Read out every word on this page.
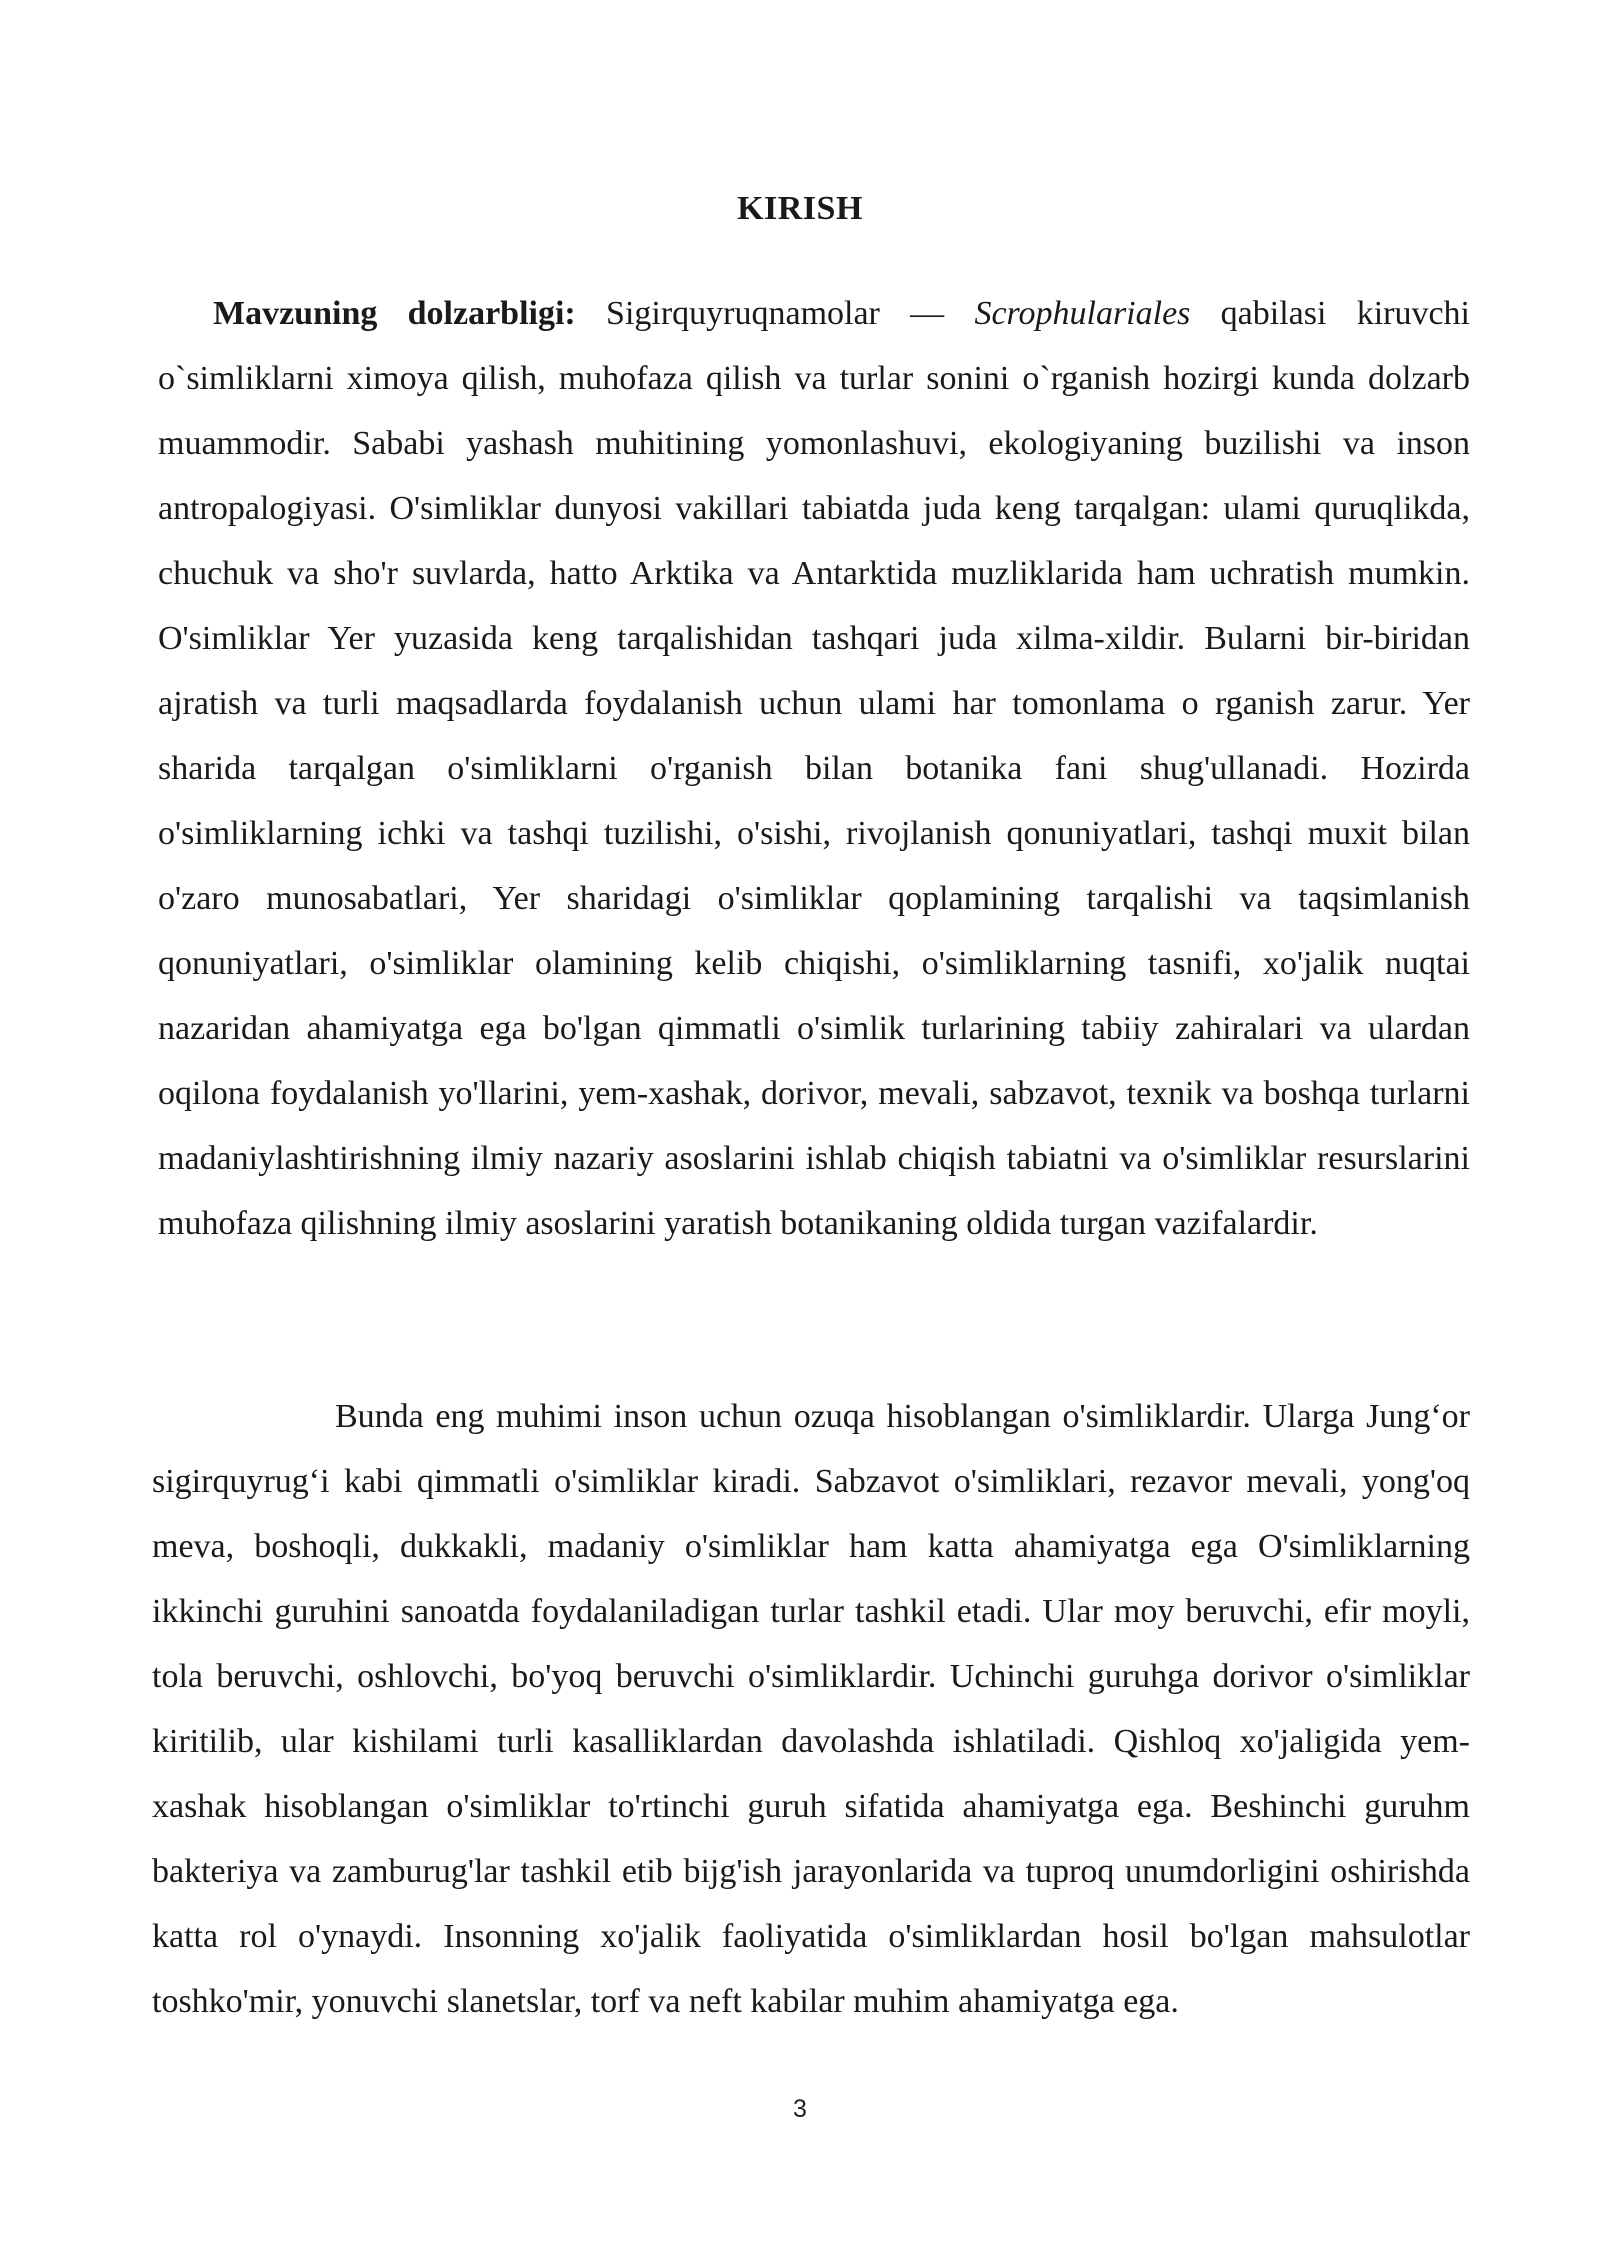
KIRISH

Mavzuning dolzarbligi: Sigirquyruqnamolar — Scrophulariales qabilasi kiruvchi o`simliklarni ximoya qilish, muhofaza qilish va turlar sonini o`rganish hozirgi kunda dolzarb muammodir. Sababi yashash muhitining yomonlashuvi, ekologiyaning buzilishi va inson antropalogiyasi. O'simliklar dunyosi vakillari tabiatda juda keng tarqalgan: ulami quruqlikda, chuchuk va sho'r suvlarda, hatto Arktika va Antarktida muzliklarida ham uchratish mumkin. O'simliklar Yer yuzasida keng tarqalishidan tashqari juda xilma-xildir. Bularni bir-biridan ajratish va turli maqsadlarda foydalanish uchun ulami har tomonlama o rganish zarur. Yer sharida tarqalgan o'simliklarni o'rganish bilan botanika fani shug'ullanadi. Hozirda o'simliklarning ichki va tashqi tuzilishi, o'sishi, rivojlanish qonuniyatlari, tashqi muxit bilan o'zaro munosabatlari, Yer sharidagi o'simliklar qoplamining tarqalishi va taqsimlanish qonuniyatlari, o'simliklar olamining kelib chiqishi, o'simliklarning tasnifi, xo'jalik nuqtai nazaridan ahamiyatga ega bo'lgan qimmatli o'simlik turlarining tabiiy zahiralari va ulardan oqilona foydalanish yo'llarini, yem-xashak, dorivor, mevali, sabzavot, texnik va boshqa turlarni madaniylashtirishning ilmiy nazariy asoslarini ishlab chiqish tabiatni va o'simliklar resurslarini muhofaza qilishning ilmiy asoslarini yaratish botanikaning oldida turgan vazifalardir.

Bunda eng muhimi inson uchun ozuqa hisoblangan o'simliklardir. Ularga Jung‘or sigirquyrug‘i kabi qimmatli o'simliklar kiradi. Sabzavot o'simliklari, rezavor mevali, yong'oq meva, boshoqli, dukkakli, madaniy o'simliklar ham katta ahamiyatga ega O'simliklarning ikkinchi guruhini sanoatda foydalaniladigan turlar tashkil etadi. Ular moy beruvchi, efir moyli, tola beruvchi, oshlovchi, bo'yoq beruvchi o'simliklardir. Uchinchi guruhga dorivor o'simliklar kiritilib, ular kishilami turli kasalliklardan davolashda ishlatiladi. Qishloq xo'jaligida yem-xashak hisoblangan o'simliklar to'rtinchi guruh sifatida ahamiyatga ega. Beshinchi guruhm bakteriya va zamburug'lar tashkil etib bijg'ish jarayonlarida va tuproq unumdorligini oshirishda katta rol o'ynaydi. Insonning xo'jalik faoliyatida o'simliklardan hosil bo'lgan mahsulotlar toshko'mir, yonuvchi slanetslar, torf va neft kabilar muhim ahamiyatga ega.

3
